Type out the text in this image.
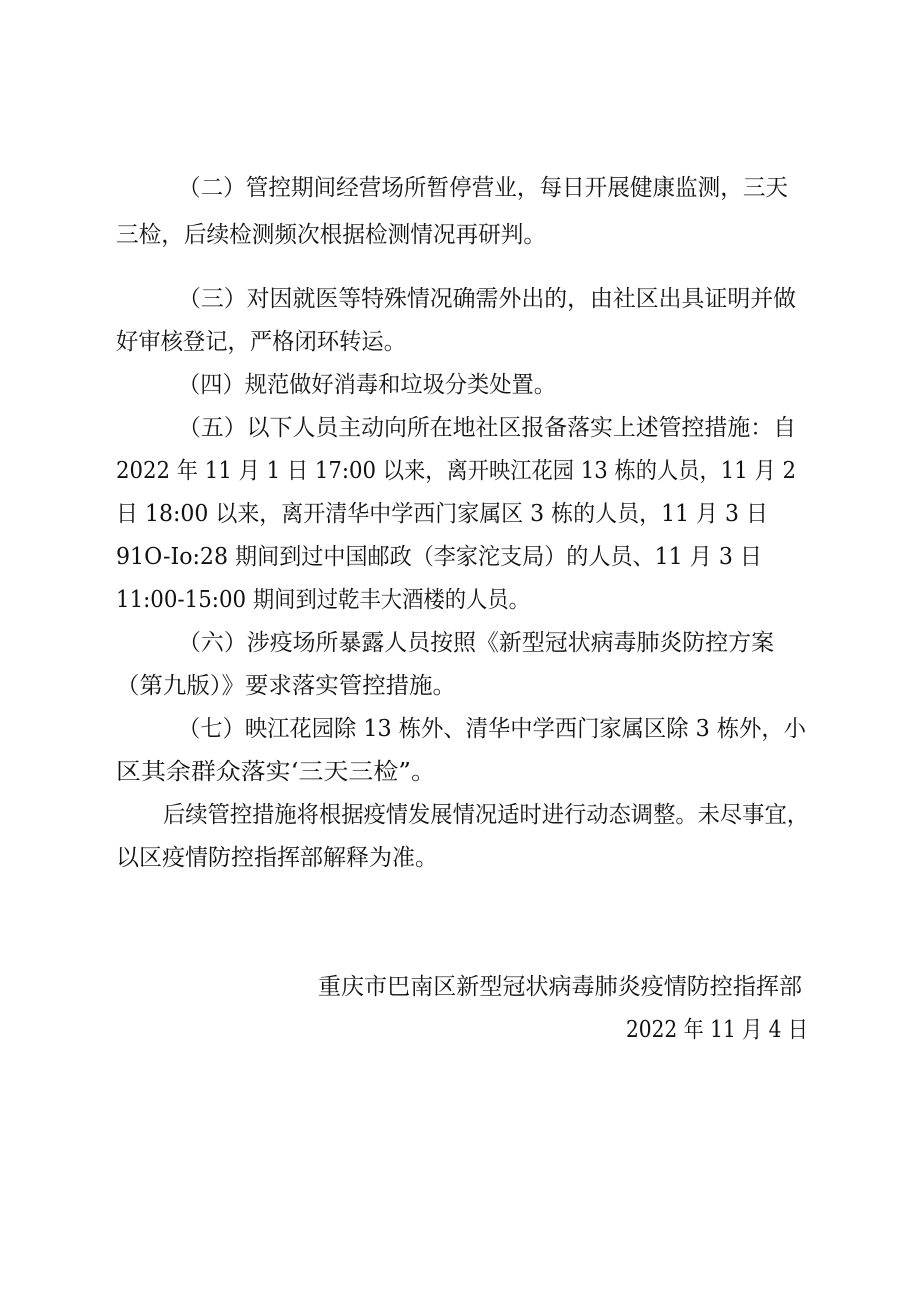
（二）管控期间经营场所暂停营业，每日开展健康监测，三天
三检，后续检测频次根据检测情况再研判。
（三）对因就医等特殊情况确需外出的，由社区出具证明并做
好审核登记，严格闭环转运。
（四）规范做好消毒和垃圾分类处置。
（五）以下人员主动向所在地社区报备落实上述管控措施：自
2022 年 11 月 1 日 17:00 以来，离开映江花园 13 栋的人员，11 月 2
日 18:00 以来，离开清华中学西门家属区 3 栋的人员，11 月 3 日
91O-Io:28 期间到过中国邮政（李家沱支局）的人员、11 月 3 日
11:00-15:00 期间到过乾丰大酒楼的人员。
（六）涉疫场所暴露人员按照《新型冠状病毒肺炎防控方案
（第九版）》要求落实管控措施。
（七）映江花园除 13 栋外、清华中学西门家属区除 3 栋外，小
区其余群众落实‘三天三检”。
后续管控措施将根据疫情发展情况适时进行动态调整。未尽事宜，
以区疫情防控指挥部解释为准。
重庆市巴南区新型冠状病毒肺炎疫情防控指挥部
2022 年 11 月 4 日
